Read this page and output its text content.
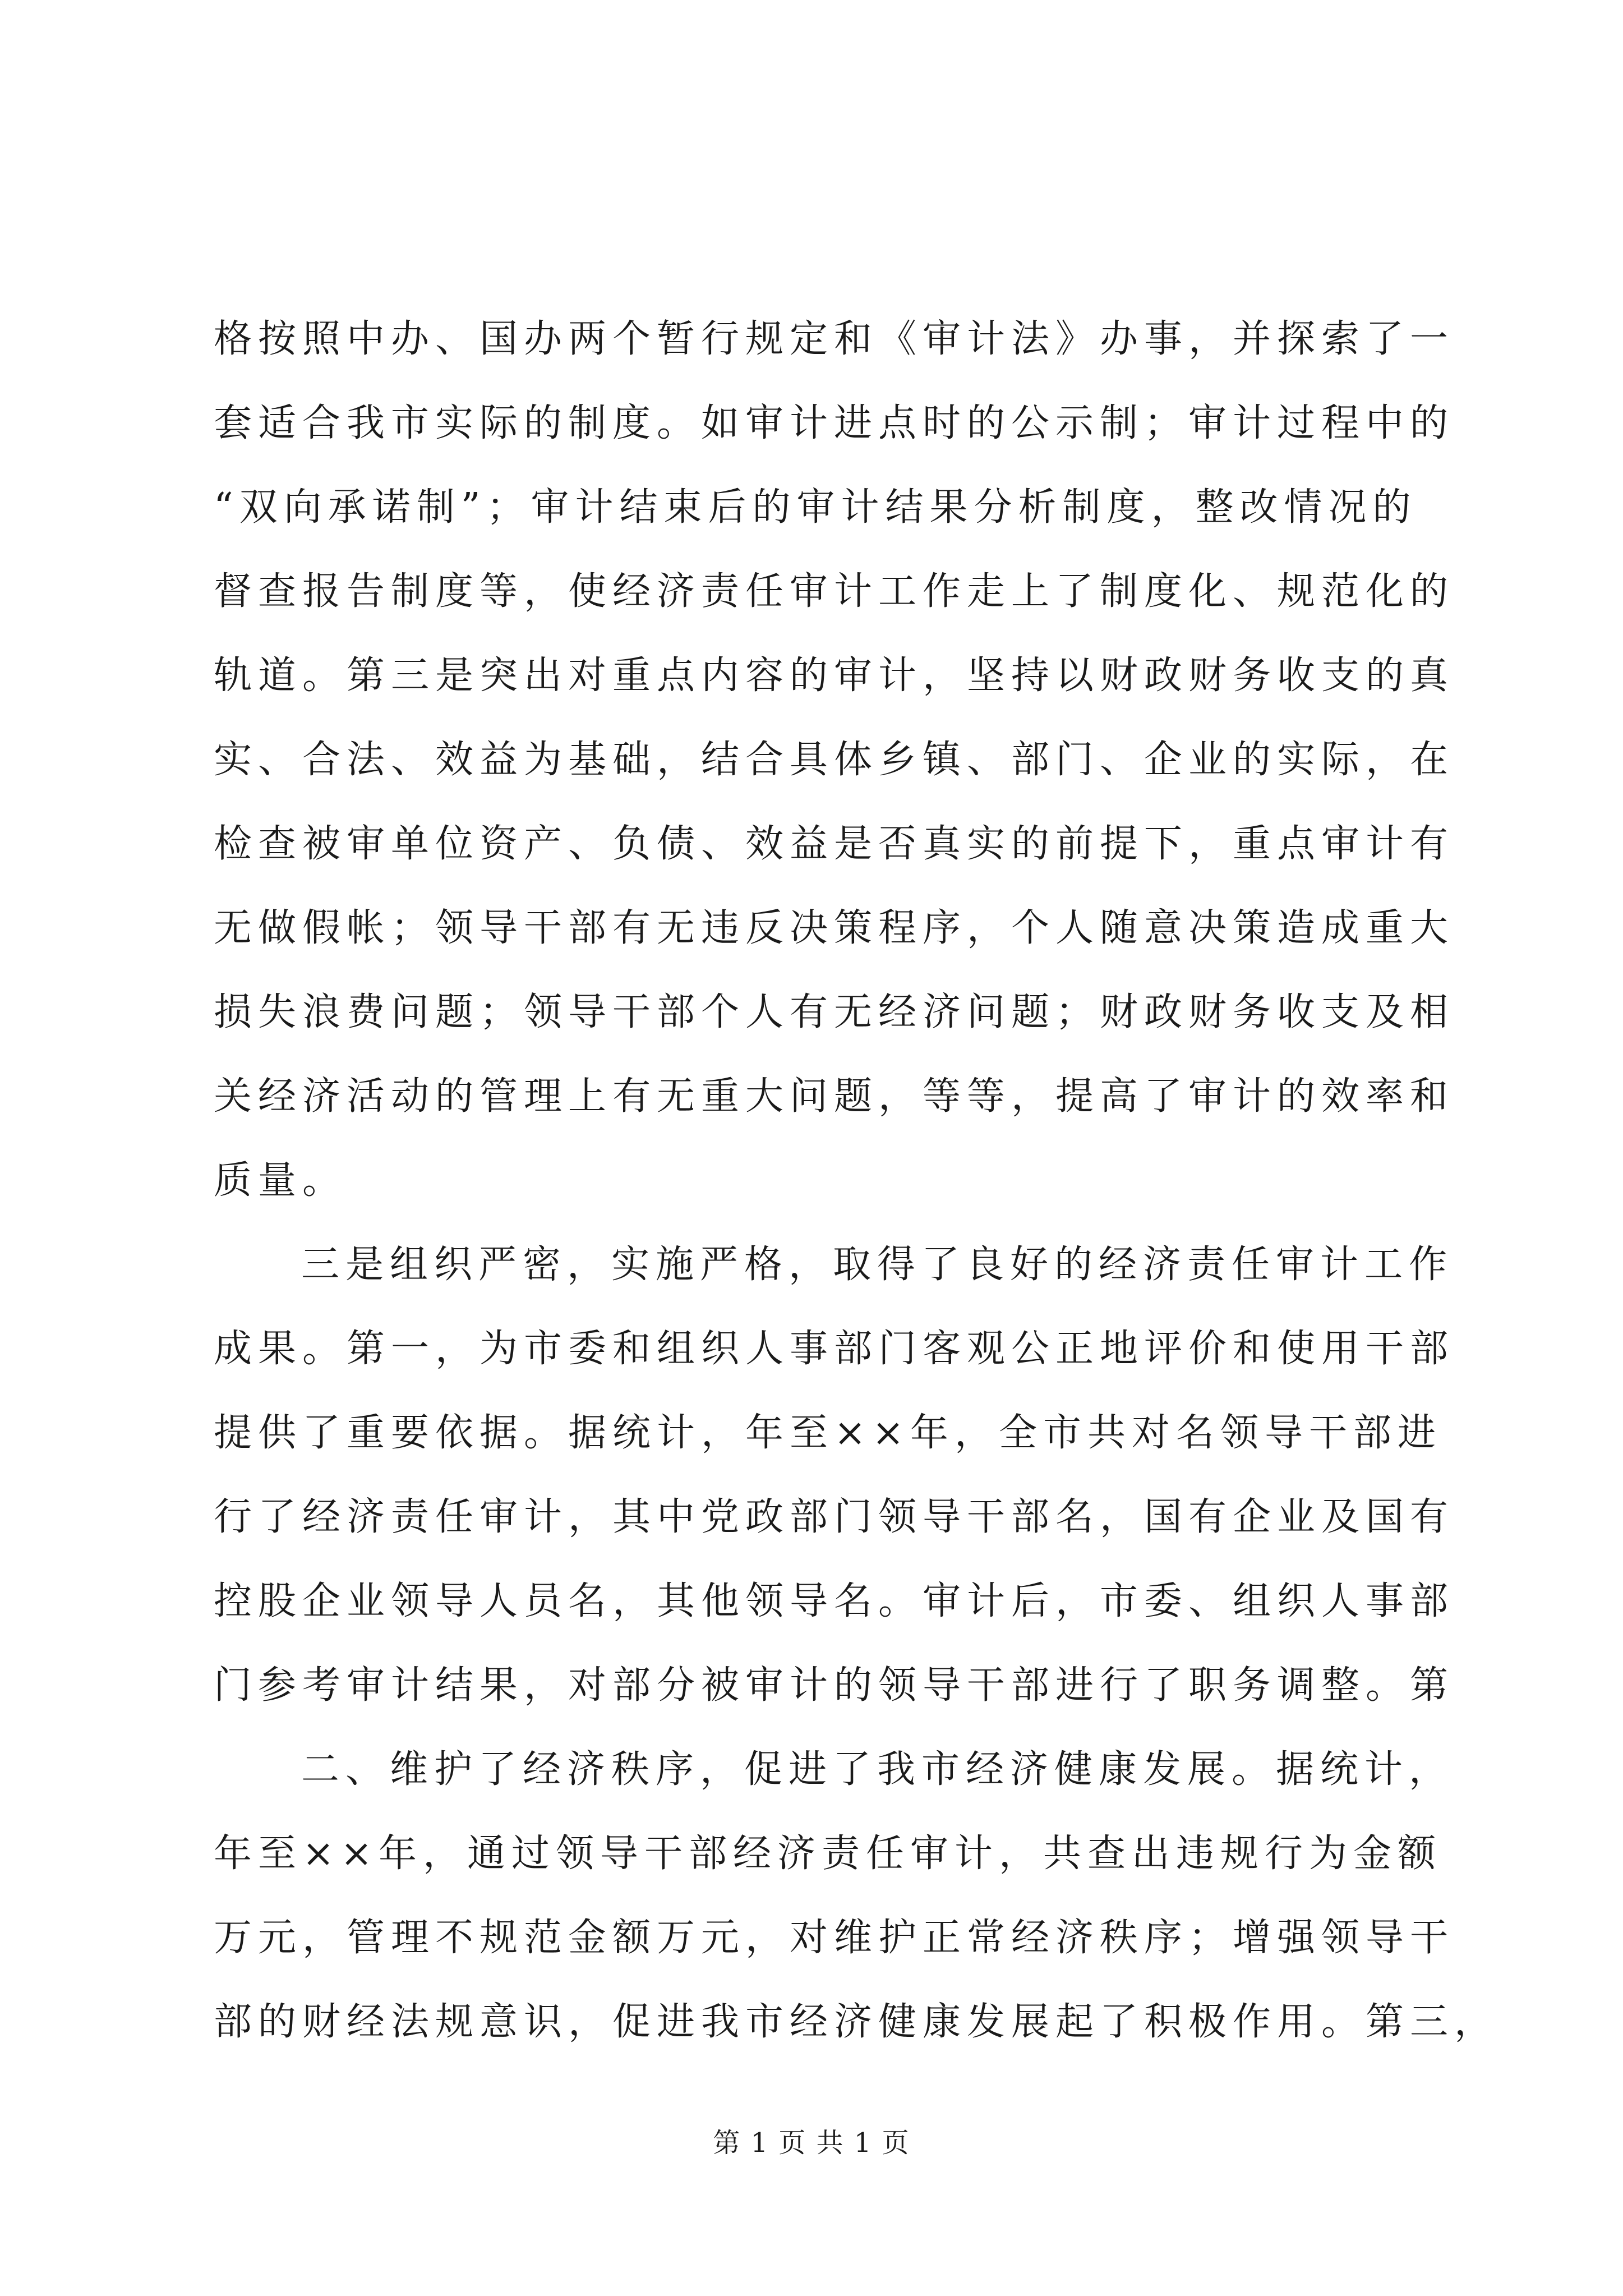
格按照中办、国办两个暂行规定和《审计法》办事，并探索了一

套适合我市实际的制度。如审计进点时的公示制；审计过程中的

“双向承诺制”；审计结束后的审计结果分析制度，整改情况的

督查报告制度等，使经济责任审计工作走上了制度化、规范化的

轨道。第三是突出对重点内容的审计，坚持以财政财务收支的真

实、合法、效益为基础，结合具体乡镇、部门、企业的实际，在

检查被审单位资产、负债、效益是否真实的前提下，重点审计有

无做假帐；领导干部有无违反决策程序，个人随意决策造成重大

损失浪费问题；领导干部个人有无经济问题；财政财务收支及相

关经济活动的管理上有无重大问题，等等，提高了审计的效率和

质量。

三是组织严密，实施严格，取得了良好的经济责任审计工作

成果。第一，为市委和组织人事部门客观公正地评价和使用干部

提供了重要依据。据统计，年至××年，全市共对名领导干部进

行了经济责任审计，其中党政部门领导干部名，国有企业及国有

控股企业领导人员名，其他领导名。审计后，市委、组织人事部

门参考审计结果，对部分被审计的领导干部进行了职务调整。第

二、维护了经济秩序，促进了我市经济健康发展。据统计，

年至××年，通过领导干部经济责任审计，共查出违规行为金额

万元，管理不规范金额万元，对维护正常经济秩序；增强领导干

部的财经法规意识，促进我市经济健康发展起了积极作用。第三，

第 1 页 共 1 页
